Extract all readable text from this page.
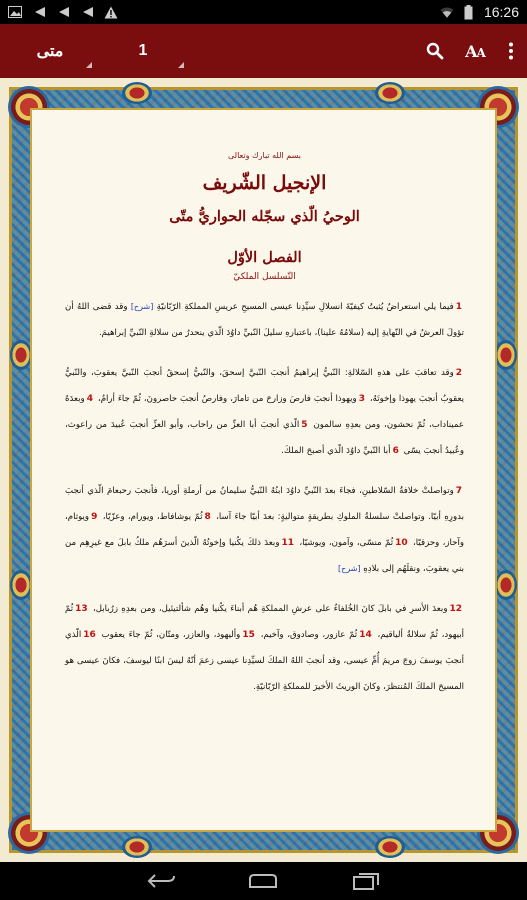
16:26
متى	1	AA
بسم الله تبارك وتعالى
الإنجيل الشّريف
الوحيُ الّذي سجّله الحواريُّ متّى
الفصل الأوّل
التّسلسل الملكيّ

1فيما يلي استعراضٌ يُثبتُ كيفيّةَ انسلالِ سيِّدِنا عيسى المسيحِ عريسِ المملكةِ الرّبّانيّةِ [شرح] وقد قضى اللهُ أن تؤولَ العرشُ في النّهايةِ إليه (سلامُهُ علينا)، باعتبارهِ سليلَ النّبيِّ داوُدَ الّذي ينحدرُ من سلالةِ النّبيِّ إبراهيمَ.

2وقد تعاقبَ على هذهِ السّلالةِ: النّبيُّ إبراهيمُ أنجبَ النّبيَّ إسحقَ، والنّبيُّ إسحقُ أنجبَ النّبيَّ يعقوبَ، والنّبيُّ يعقوبُ أنجبَ يهوذا وإخوتَهُ، 3ويهوذا أنجبَ فارصَ وزارحَ من تامارَ، وفارصُ أنجبَ حاصرونَ، ثُمّ جاءَ أرامُ، 4وبعدَهُ عميناداب، ثُمّ نحشون، ومن بعدِهِ سالمون 5الّذي أنجبَ أبا العزِّ من راحاب، وأبو العزِّ أنجبَ عُبيدَ من راعوث، وعُبيدُ أنجبَ يسّى 6أبا النّبيِّ داوُدَ الّذي أصبحَ الملكَ.

7وتواصلتْ خلافةُ السّلاطينِ، فجاءَ بعدَ النّبيِّ داوُدَ ابنُهُ النّبيُّ سليمانُ من أرملةِ أوريا، فأنجبَ رحبعامَ الّذي أنجبَ بدورِهِ أبيّا. وتواصلتْ سلسلةُ الملوكِ بطريقةٍ متواليةٍ: بعدَ أبيّا جاءَ آسا، 8ثُمّ يوشافاط، ويورام، وعزّيّا، 9ويوثام، وآحاز، وحزقيّا، 10ثُمّ منسّى، وآمون، ويوشيّا، 11وبعدَ ذلكَ يكُنيا وإخوتُهُ الّذينَ أسرَهُم ملكُ بابلَ مع غيرِهِم من بني يعقوبَ، ونقلَهُم إلى بلادِهِ [شرح]

12وبعدَ الأسرِ في بابلَ كانَ الخُلفاءُ على عرشِ المملكةِ هُم أبناءَ يكُنيا وهُم شألتيئيل، ومن بعدِهِ زرُبابل، 13ثُمّ أبيهود، ثُمّ سلالةُ ألياقيم، 14ثُمّ عازور، وصادوق، وآخيم، 15وأليهود، والعازر، ومتّان، ثُمّ جاءَ يعقوب 16الّذي أنجبَ يوسفَ زوجَ مريمَ أُمِّ عيسى، وقد أنجبَ اللهُ الملكَ لسيِّدِنا عيسى زعمَ أنّهُ ليسَ ابنًا ليوسفَ، فكانَ عيسى هو المسيحَ الملكَ المُنتظرَ، وكانَ الوريثَ الأخيرَ للمملكةِ الرّبّانيّةِ.
